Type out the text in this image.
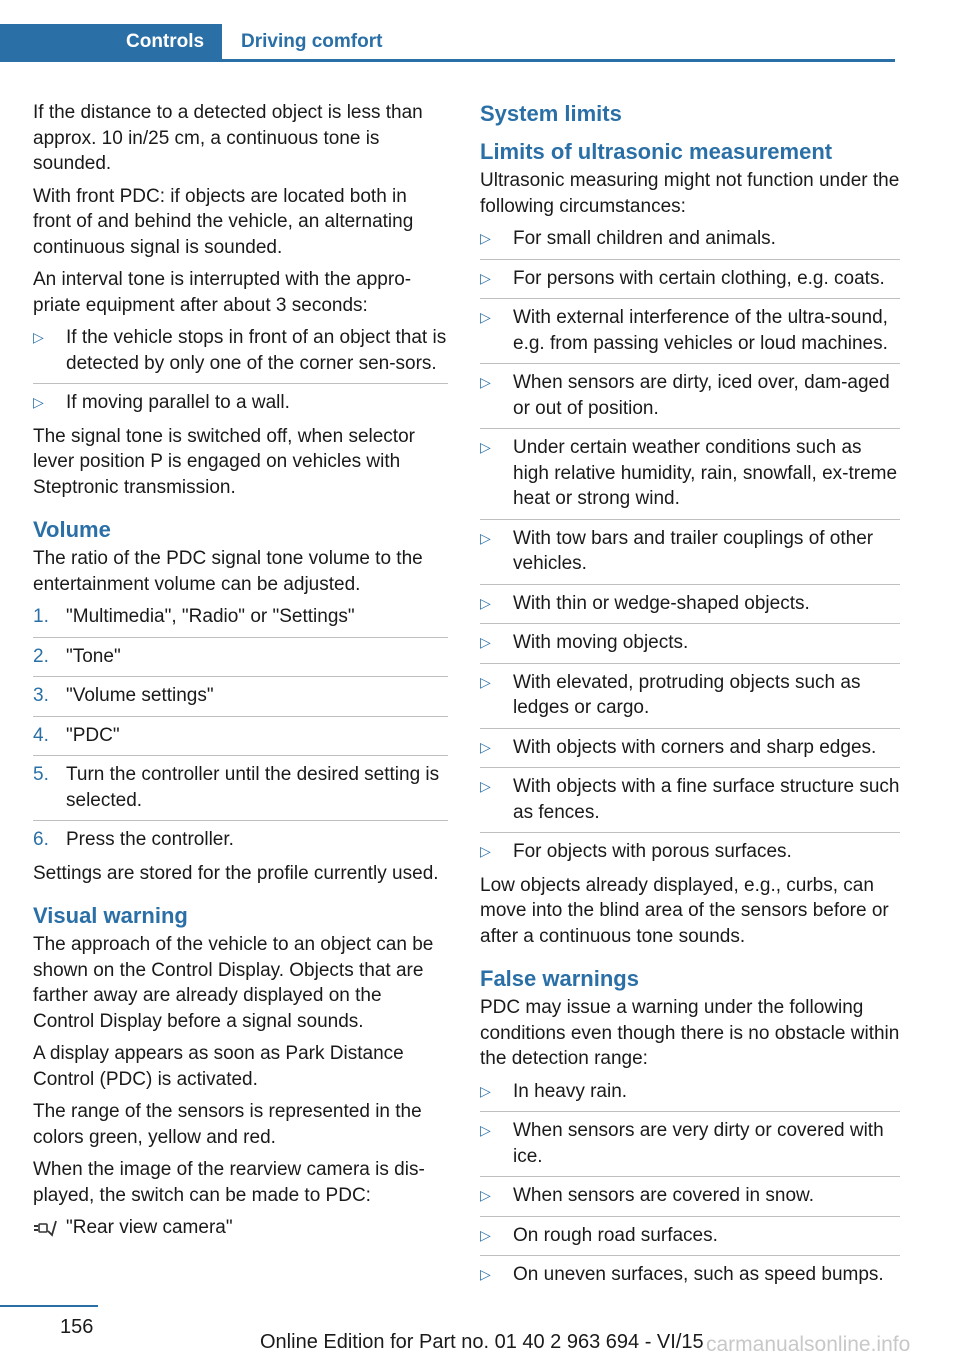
Controls	Driving comfort

If the distance to a detected object is less than approx. 10 in/25 cm, a continuous tone is sounded.

With front PDC: if objects are located both in front of and behind the vehicle, an alternating continuous signal is sounded.

An interval tone is interrupted with the appro‐priate equipment after about 3 seconds:

▷ If the vehicle stops in front of an object that is detected by only one of the corner sen‐sors.
▷ If moving parallel to a wall.

The signal tone is switched off, when selector lever position P is engaged on vehicles with Steptronic transmission.

Volume

The ratio of the PDC signal tone volume to the entertainment volume can be adjusted.

1. "Multimedia", "Radio" or "Settings"
2. "Tone"
3. "Volume settings"
4. "PDC"
5. Turn the controller until the desired setting is selected.
6. Press the controller.

Settings are stored for the profile currently used.

Visual warning

The approach of the vehicle to an object can be shown on the Control Display. Objects that are farther away are already displayed on the Control Display before a signal sounds.

A display appears as soon as Park Distance Control (PDC) is activated.

The range of the sensors is represented in the colors green, yellow and red.

When the image of the rearview camera is dis‐played, the switch can be made to PDC:

"Rear view camera"
System limits
Limits of ultrasonic measurement

Ultrasonic measuring might not function under the following circumstances:

▷ For small children and animals.
▷ For persons with certain clothing, e.g. coats.
▷ With external interference of the ultra‐sound, e.g. from passing vehicles or loud machines.
▷ When sensors are dirty, iced over, dam‐aged or out of position.
▷ Under certain weather conditions such as high relative humidity, rain, snowfall, ex‐treme heat or strong wind.
▷ With tow bars and trailer couplings of other vehicles.
▷ With thin or wedge-shaped objects.
▷ With moving objects.
▷ With elevated, protruding objects such as ledges or cargo.
▷ With objects with corners and sharp edges.
▷ With objects with a fine surface structure such as fences.
▷ For objects with porous surfaces.

Low objects already displayed, e.g., curbs, can move into the blind area of the sensors before or after a continuous tone sounds.

False warnings

PDC may issue a warning under the following conditions even though there is no obstacle within the detection range:

▷ In heavy rain.
▷ When sensors are very dirty or covered with ice.
▷ When sensors are covered in snow.
▷ On rough road surfaces.
▷ On uneven surfaces, such as speed bumps.
156
Online Edition for Part no. 01 40 2 963 694 - VI/15 carmanualsonline.info
